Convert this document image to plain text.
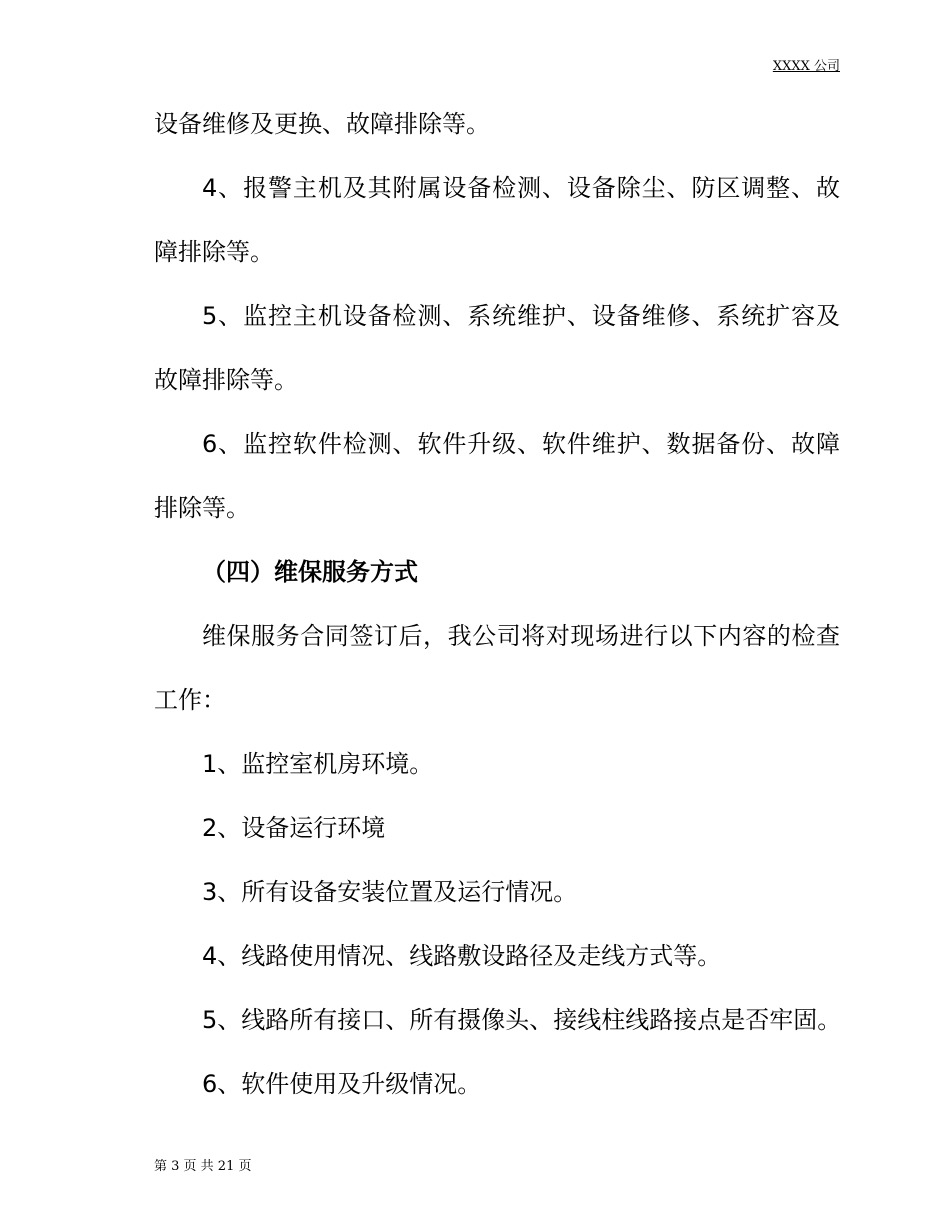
XXXX 公司

设备维修及更换、故障排除等。

4、报警主机及其附属设备检测、设备除尘、防区调整、故

障排除等。

5、监控主机设备检测、系统维护、设备维修、系统扩容及

故障排除等。

6、监控软件检测、软件升级、软件维护、数据备份、故障

排除等。

（四）维保服务方式

维保服务合同签订后，我公司将对现场进行以下内容的检查

工作：

1、监控室机房环境。

2、设备运行环境

3、所有设备安装位置及运行情况。

4、线路使用情况、线路敷设路径及走线方式等。

5、线路所有接口、所有摄像头、接线柱线路接点是否牢固。

6、软件使用及升级情况。

第 3 页 共 21 页
